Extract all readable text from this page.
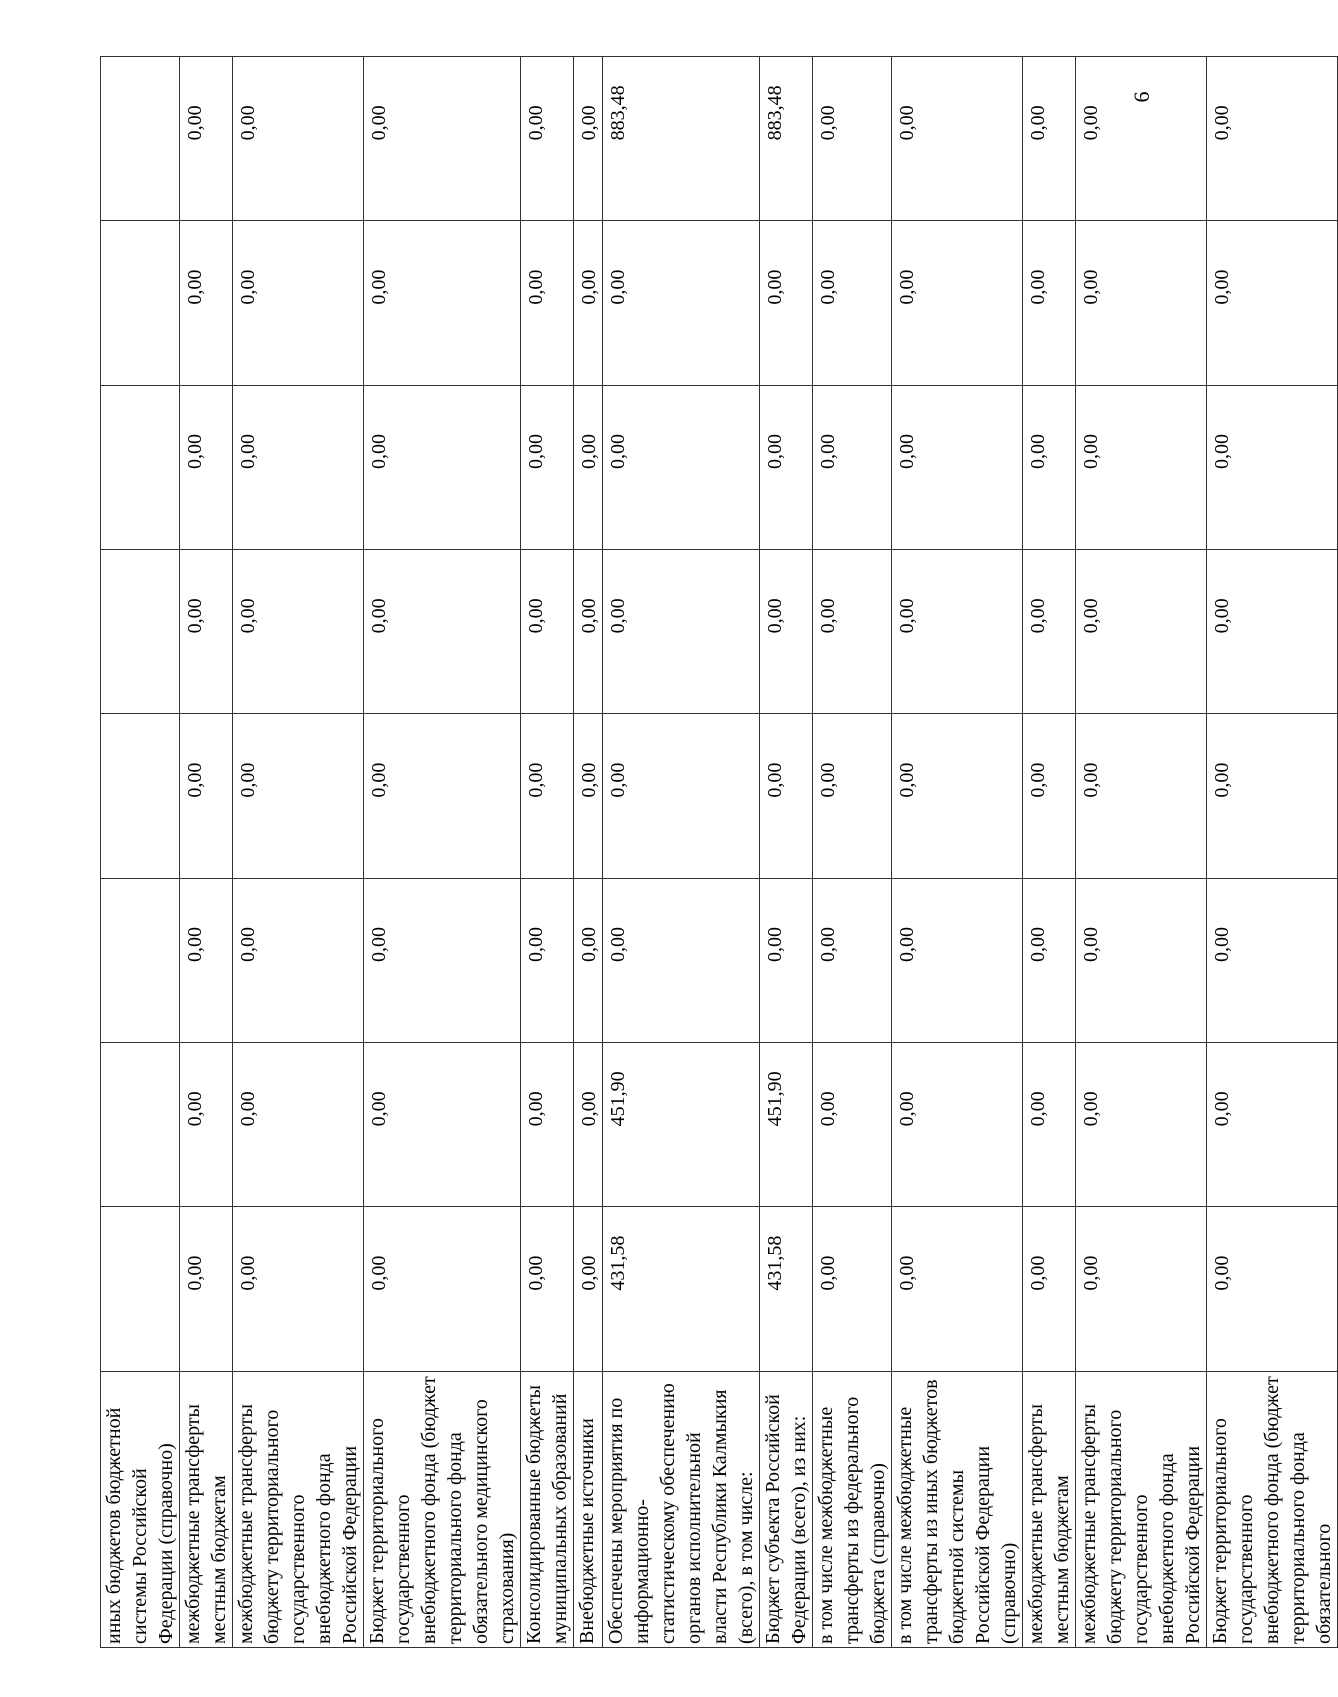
иных бюджетов бюджетной системы Российской Федерации (справочно)								
межбюджетные трансферты местным бюджетам	0,00	0,00	0,00	0,00	0,00	0,00	0,00	0,00
межбюджетные трансферты бюджету территориального государственного внебюджетного фонда Российской Федерации	0,00	0,00	0,00	0,00	0,00	0,00	0,00	0,00
Бюджет территориального государственного внебюджетного фонда (бюджет территориального фонда обязательного медицинского страхования)	0,00	0,00	0,00	0,00	0,00	0,00	0,00	0,00
Консолидированные бюджеты муниципальных образований	0,00	0,00	0,00	0,00	0,00	0,00	0,00	0,00
Внебюджетные источники	0,00	0,00	0,00	0,00	0,00	0,00	0,00	0,00
Обеспечены мероприятия по информационно-статистическому обеспечению органов исполнительной власти Республики Калмыкия (всего), в том числе:	431,58	451,90	0,00	0,00	0,00	0,00	0,00	883,48
Бюджет субъекта Российской Федерации (всего), из них:	431,58	451,90	0,00	0,00	0,00	0,00	0,00	883,48
в том числе межбюджетные трансферты из федерального бюджета (справочно)	0,00	0,00	0,00	0,00	0,00	0,00	0,00	0,00
в том числе межбюджетные трансферты из иных бюджетов бюджетной системы Российской Федерации (справочно)	0,00	0,00	0,00	0,00	0,00	0,00	0,00	0,00
межбюджетные трансферты местным бюджетам	0,00	0,00	0,00	0,00	0,00	0,00	0,00	0,00
межбюджетные трансферты бюджету территориального государственного внебюджетного фонда Российской Федерации	0,00	0,00	0,00	0,00	0,00	0,00	0,00	0,00
Бюджет территориального государственного внебюджетного фонда (бюджет территориального фонда обязательного	0,00	0,00	0,00	0,00	0,00	0,00	0,00	0,00
6
